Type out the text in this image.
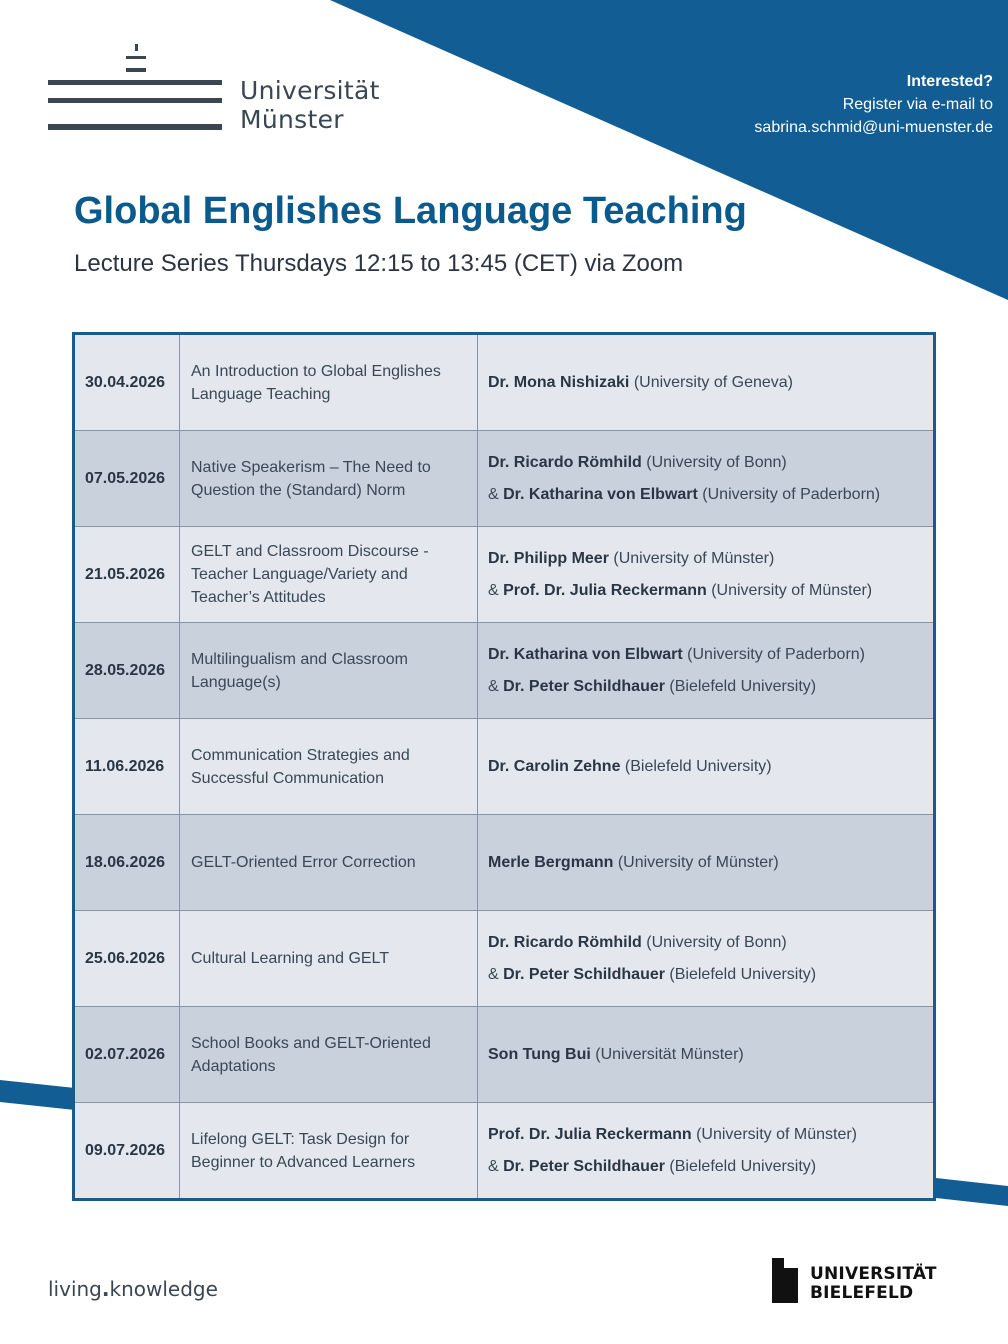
Universität
Münster
Interested?
Register via e-mail to
sabrina.schmid@uni-muenster.de
Global Englishes Language Teaching

Lecture Series Thursdays 12:15 to 13:45 (CET) via Zoom

30.04.2026	An Introduction to Global Englishes Language Teaching	Dr. Mona Nishizaki (University of Geneva)

07.05.2026	Native Speakerism – The Need to Question the (Standard) Norm	Dr. Ricardo Römhild (University of Bonn)
& Dr. Katharina von Elbwart (University of Paderborn)

21.05.2026	GELT and Classroom Discourse - Teacher Language/Variety and Teacher’s Attitudes	Dr. Philipp Meer (University of Münster)
& Prof. Dr. Julia Reckermann (University of Münster)

28.05.2026	Multilingualism and Classroom Language(s)	Dr. Katharina von Elbwart (University of Paderborn)
& Dr. Peter Schildhauer (Bielefeld University)

11.06.2026	Communication Strategies and Successful Communication	Dr. Carolin Zehne (Bielefeld University)

18.06.2026	GELT-Oriented Error Correction	Merle Bergmann (University of Münster)

25.06.2026	Cultural Learning and GELT	Dr. Ricardo Römhild (University of Bonn)
& Dr. Peter Schildhauer (Bielefeld University)

02.07.2026	School Books and GELT-Oriented Adaptations	Son Tung Bui (Universität Münster)

09.07.2026	Lifelong GELT: Task Design for Beginner to Advanced Learners	Prof. Dr. Julia Reckermann (University of Münster)
& Dr. Peter Schildhauer (Bielefeld University)
living.knowledge
UNIVERSITÄT
BIELEFELD
